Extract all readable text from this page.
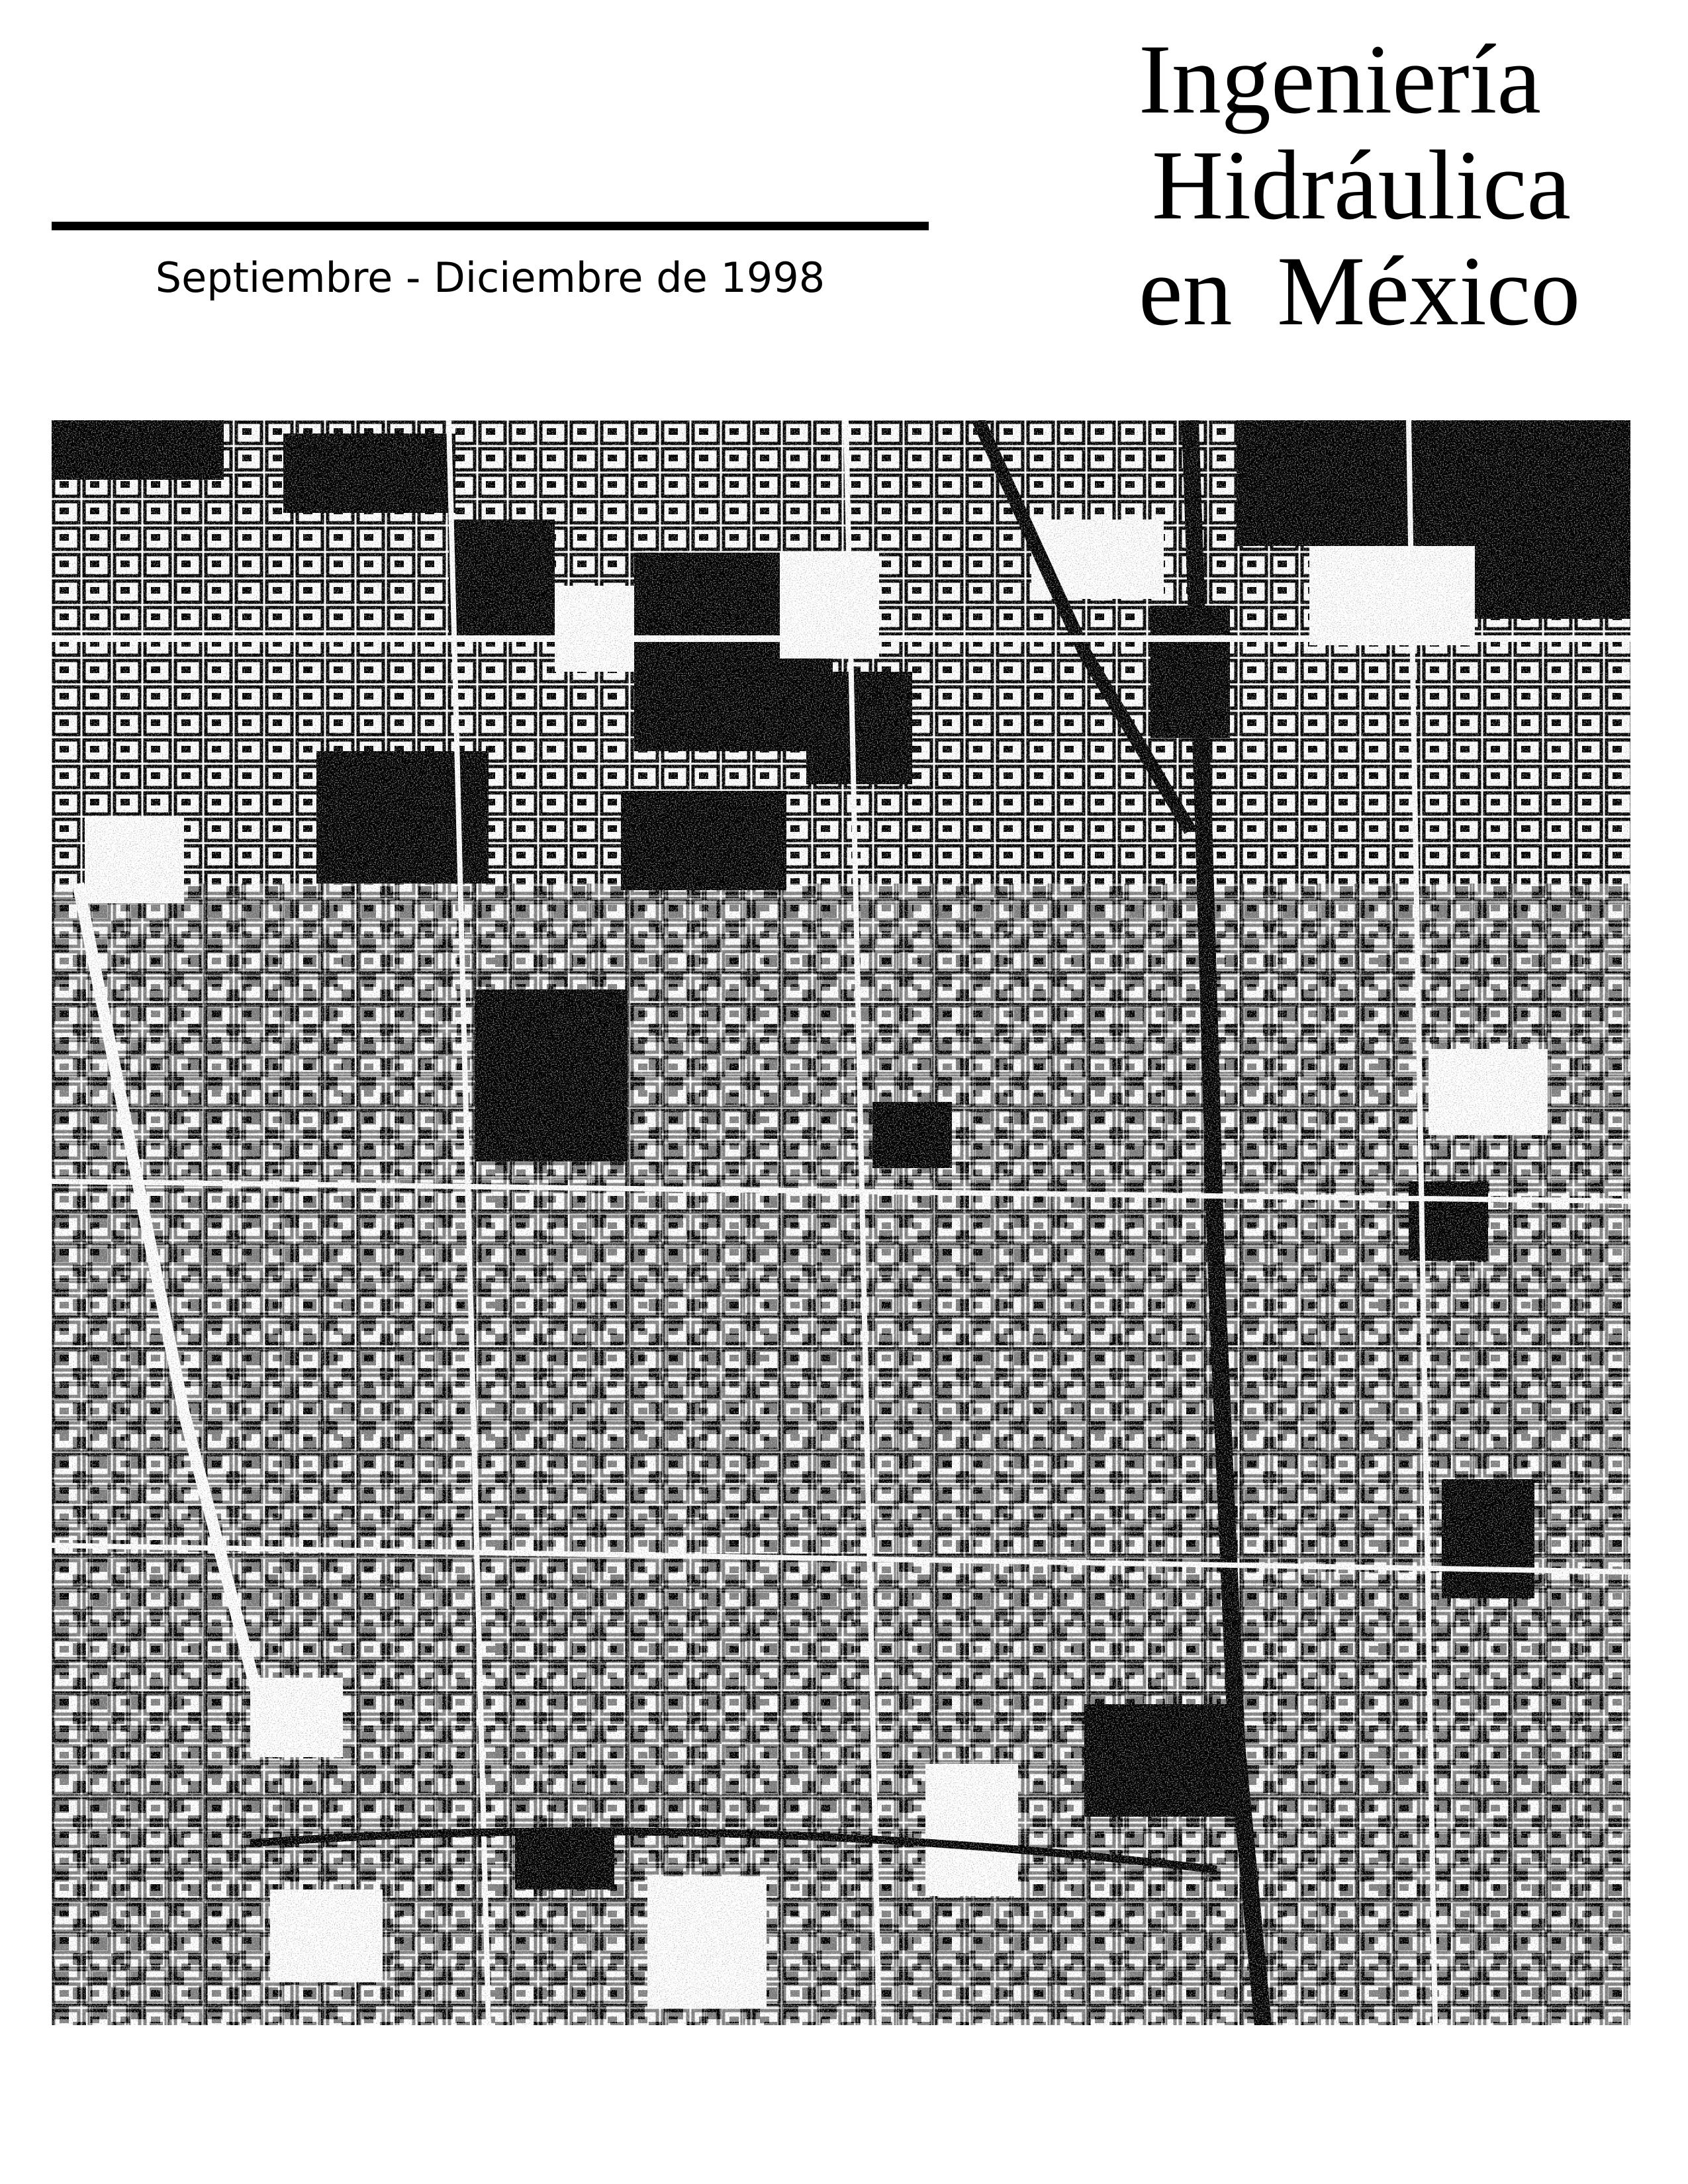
Septiembre - Diciembre de 1998
Ingeniería
Hidráulica
en México
